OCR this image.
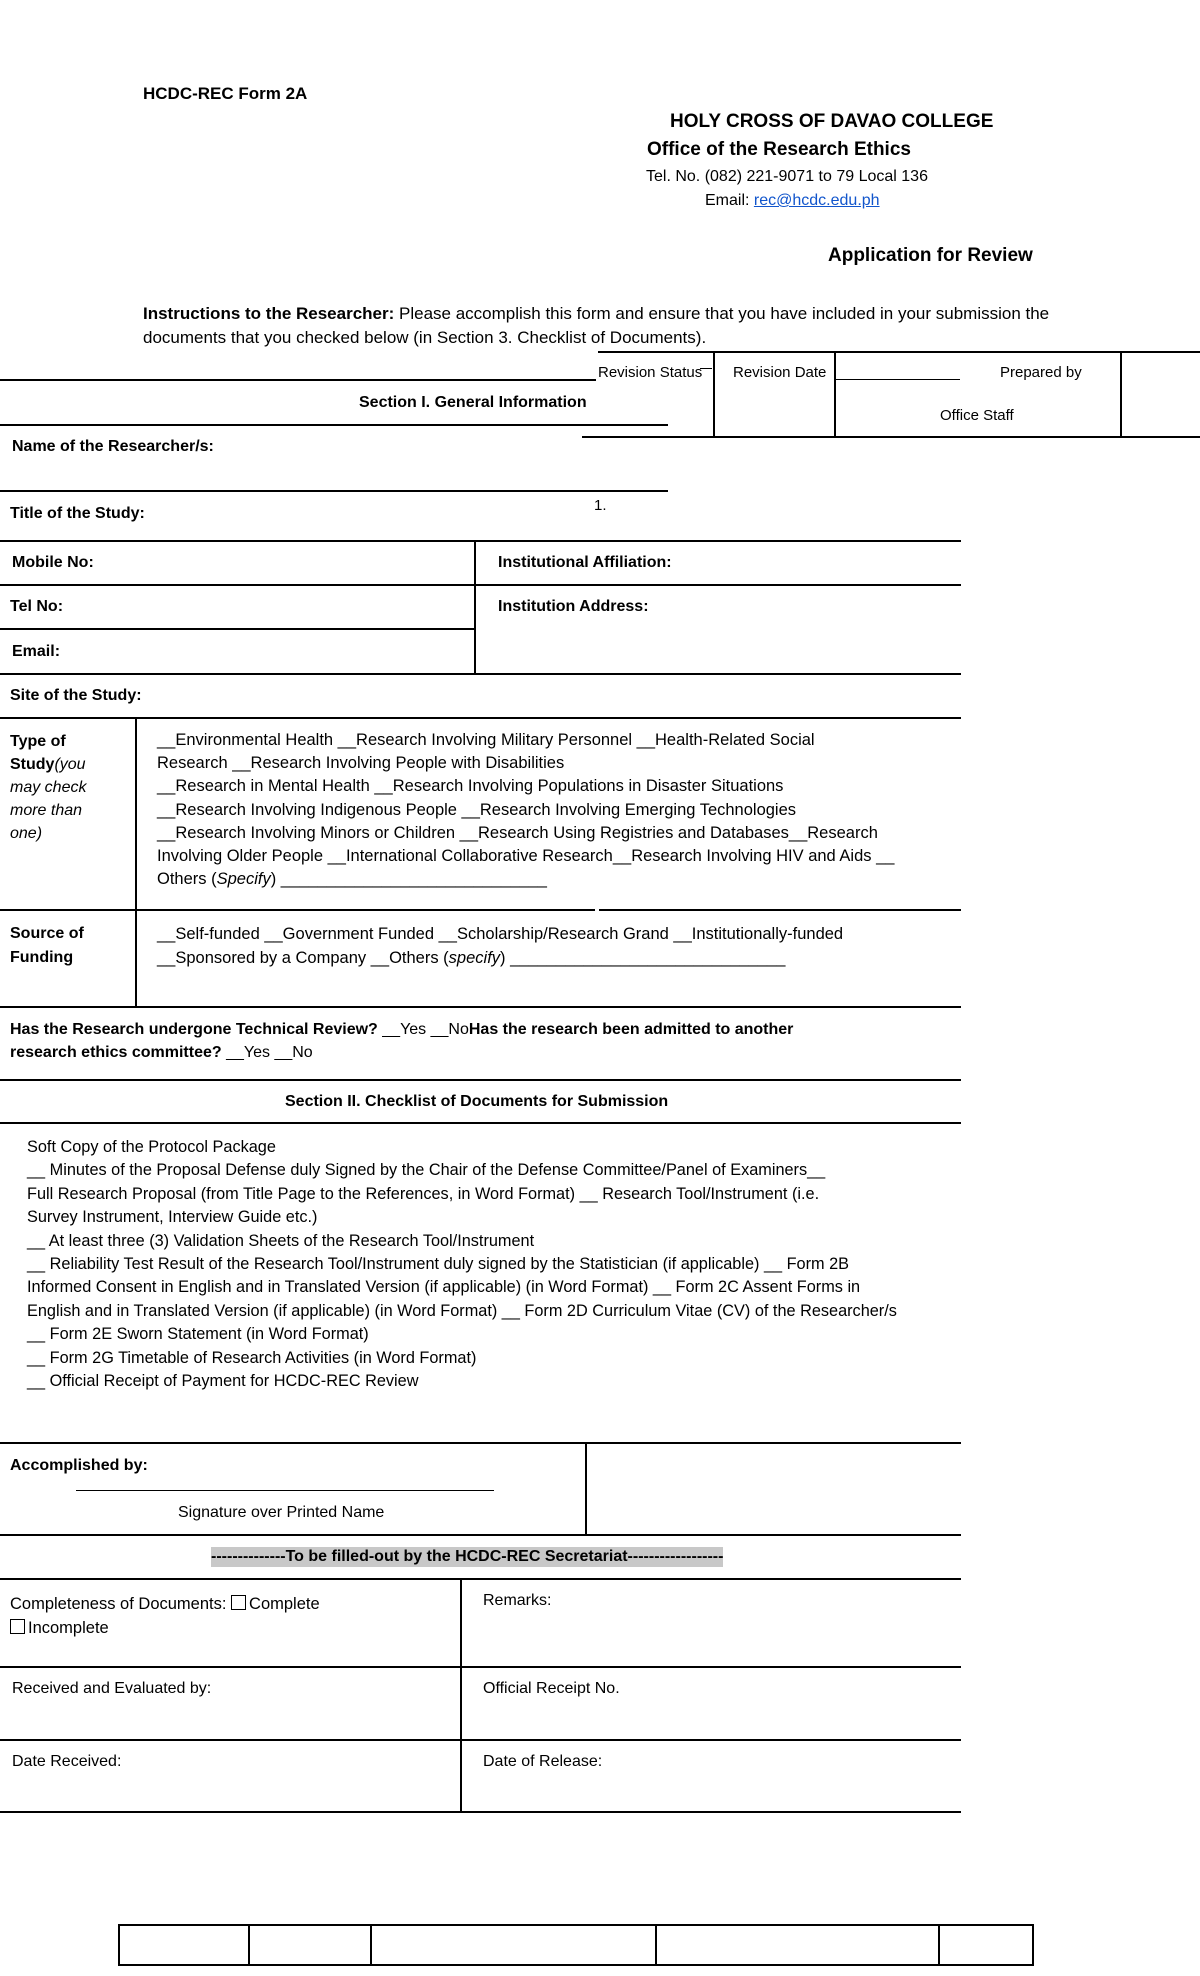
HCDC-REC Form 2A
HOLY CROSS OF DAVAO COLLEGE
Office of the Research Ethics
Tel. No. (082) 221-9071 to 79 Local 136
Email: rec@hcdc.edu.ph
Application for Review
Instructions to the Researcher: Please accomplish this form and ensure that you have included in your submission the
documents that you checked below (in Section 3. Checklist of Documents).
Revision Status Revision Date	Prepared by
Office Staff
Section I. General Information
Name of the Researcher/s:
1.
Title of the Study:
Mobile No:	Institutional Affiliation:
Tel No:	Institution Address:
Email:
Site of the Study:
Type of
Study(you
may check
more than
one)
__Environmental Health __Research Involving Military Personnel __Health-Related Social
Research __Research Involving People with Disabilities
__Research in Mental Health __Research Involving Populations in Disaster Situations
__Research Involving Indigenous People __Research Involving Emerging Technologies
__Research Involving Minors or Children __Research Using Registries and Databases__Research
Involving Older People __International Collaborative Research__Research Involving HIV and Aids __
Others (Specify) _____________________________
Source of
Funding
__Self-funded __Government Funded __Scholarship/Research Grand __Institutionally-funded
__Sponsored by a Company __Others (specify) ______________________________
Has the Research undergone Technical Review? __Yes __NoHas the research been admitted to another
research ethics committee? __Yes __No
Section II. Checklist of Documents for Submission
Soft Copy of the Protocol Package
__ Minutes of the Proposal Defense duly Signed by the Chair of the Defense Committee/Panel of Examiners__
Full Research Proposal (from Title Page to the References, in Word Format) __ Research Tool/Instrument (i.e.
Survey Instrument, Interview Guide etc.)
__ At least three (3) Validation Sheets of the Research Tool/Instrument
__ Reliability Test Result of the Research Tool/Instrument duly signed by the Statistician (if applicable) __ Form 2B
Informed Consent in English and in Translated Version (if applicable) (in Word Format) __ Form 2C Assent Forms in
English and in Translated Version (if applicable) (in Word Format) __ Form 2D Curriculum Vitae (CV) of the Researcher/s
__ Form 2E Sworn Statement (in Word Format)
__ Form 2G Timetable of Research Activities (in Word Format)
__ Official Receipt of Payment for HCDC-REC Review
Accomplished by:
Signature over Printed Name
--------------To be filled-out by the HCDC-REC Secretariat------------------
Completeness of Documents: Complete
Incomplete
Remarks:
Received and Evaluated by:	Official Receipt No.
Date Received:	Date of Release:
